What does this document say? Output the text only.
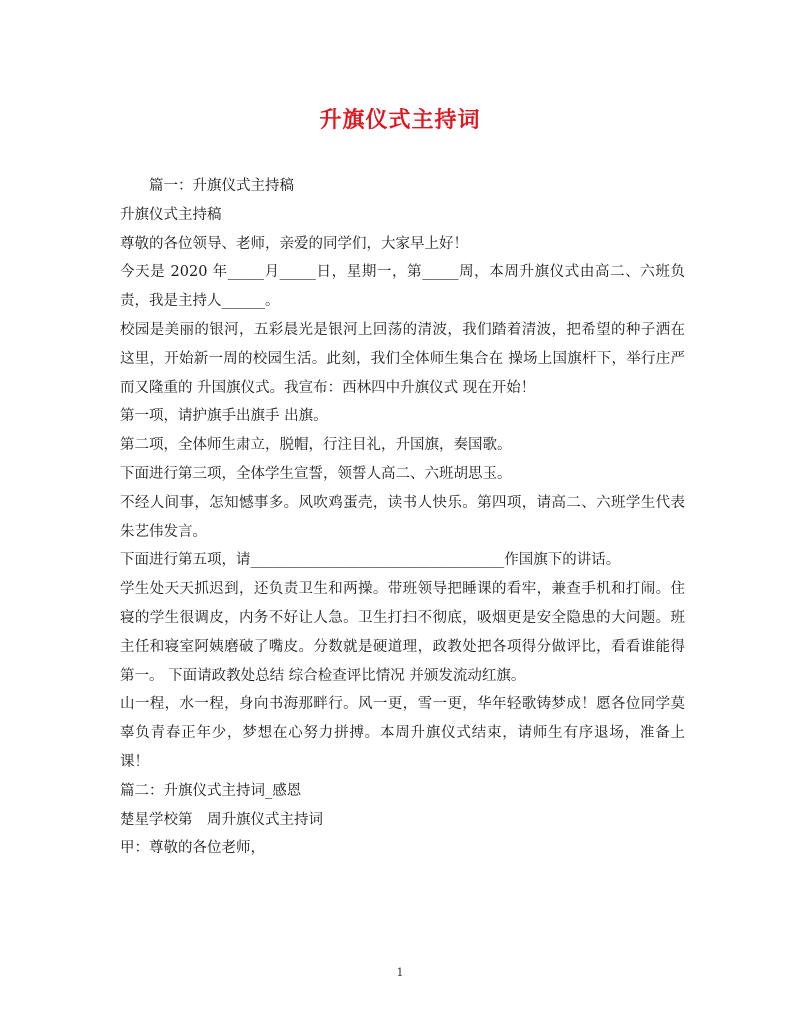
升旗仪式主持词

篇一：升旗仪式主持稿

升旗仪式主持稿

尊敬的各位领导、老师，亲爱的同学们，大家早上好！

今天是 2020 年_____月_____日，星期一，第_____周，本周升旗仪式由高二、六班负责，我是主持人______。

校园是美丽的银河，五彩晨光是银河上回荡的清波，我们踏着清波，把希望的种子洒在这里，开始新一周的校园生活。此刻，我们全体师生集合在 操场上国旗杆下，举行庄严而又隆重的 升国旗仪式。我宣布：西林四中升旗仪式 现在开始！

第一项，请护旗手出旗手 出旗。

第二项，全体师生肃立，脱帽，行注目礼，升国旗，奏国歌。

下面进行第三项，全体学生宣誓，领誓人高二、六班胡思玉。

不经人间事，怎知憾事多。风吹鸡蛋壳，读书人快乐。第四项，请高二、六班学生代表朱艺伟发言。

下面进行第五项，请___________________________________作国旗下的讲话。

学生处天天抓迟到，还负责卫生和两操。带班领导把睡课的看牢，兼查手机和打闹。住寝的学生很调皮，内务不好让人急。卫生打扫不彻底，吸烟更是安全隐患的大问题。班主任和寝室阿姨磨破了嘴皮。分数就是硬道理，政教处把各项得分做评比，看看谁能得第一。 下面请政教处总结 综合检查评比情况 并颁发流动红旗。

山一程，水一程，身向书海那畔行。风一更，雪一更，华年轻歌铸梦成！愿各位同学莫辜负青春正年少，梦想在心努力拼搏。本周升旗仪式结束，请师生有序退场，准备上课！

篇二：升旗仪式主持词_感恩

楚星学校第　周升旗仪式主持词

甲：尊敬的各位老师，

1
